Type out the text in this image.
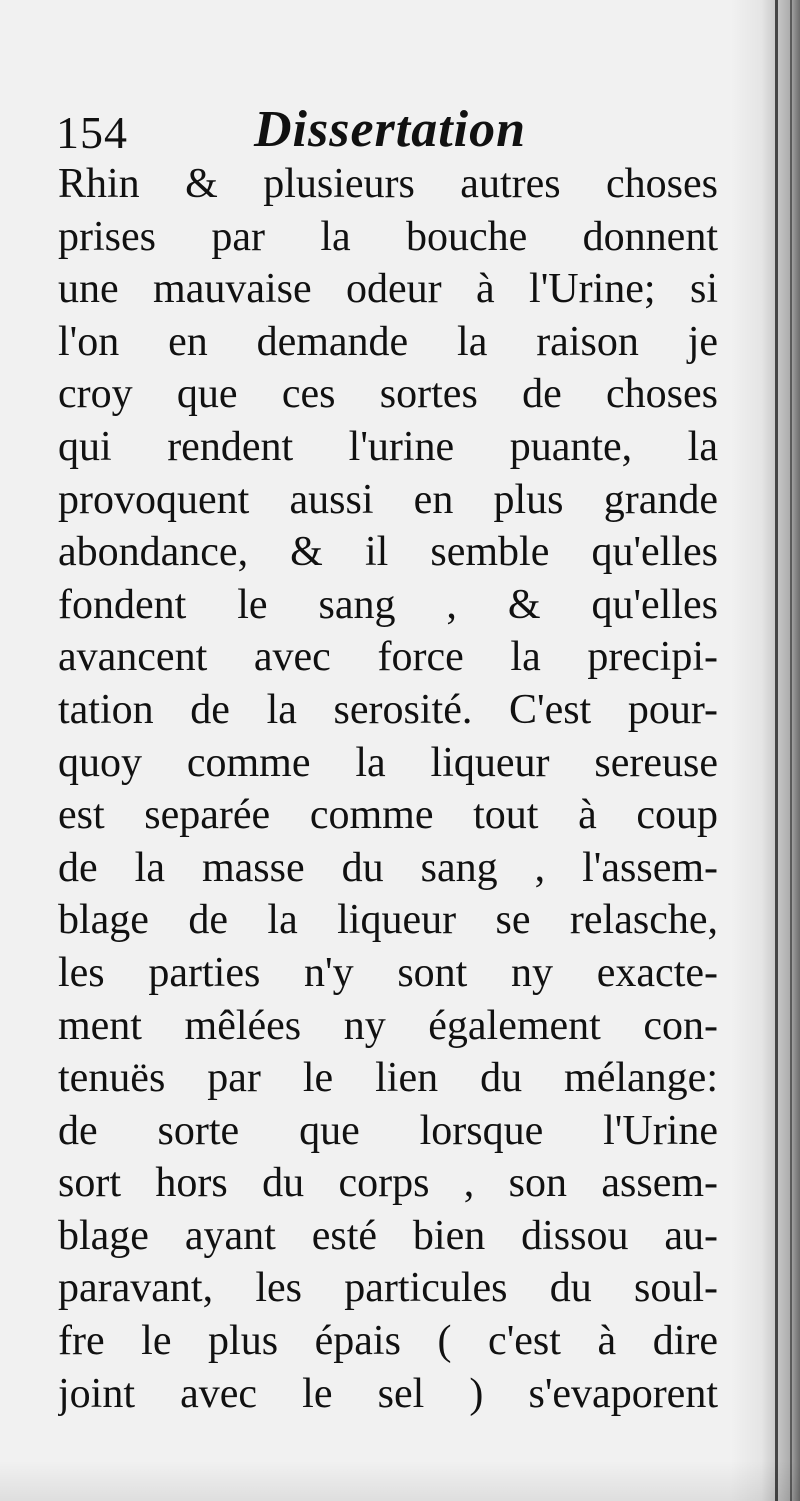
154 Dissertation
Rhin & plusieurs autres choses
prises par la bouche donnent
une mauvaise odeur à l'Urine; si
l'on en demande la raison je
croy que ces sortes de choses
qui rendent l'urine puante, la
provoquent aussi en plus grande
abondance, & il semble qu'elles
fondent le sang , & qu'elles
avancent avec force la precipi-
tation de la serosité. C'est pour-
quoy comme la liqueur sereuse
est separée comme tout à coup
de la masse du sang , l'assem-
blage de la liqueur se relasche,
les parties n'y sont ny exacte-
ment mêlées ny également con-
tenuës par le lien du mélange:
de sorte que lorsque l'Urine
sort hors du corps , son assem-
blage ayant esté bien dissou au-
paravant, les particules du soul-
fre le plus épais ( c'est à dire
joint avec le sel ) s'evaporent
